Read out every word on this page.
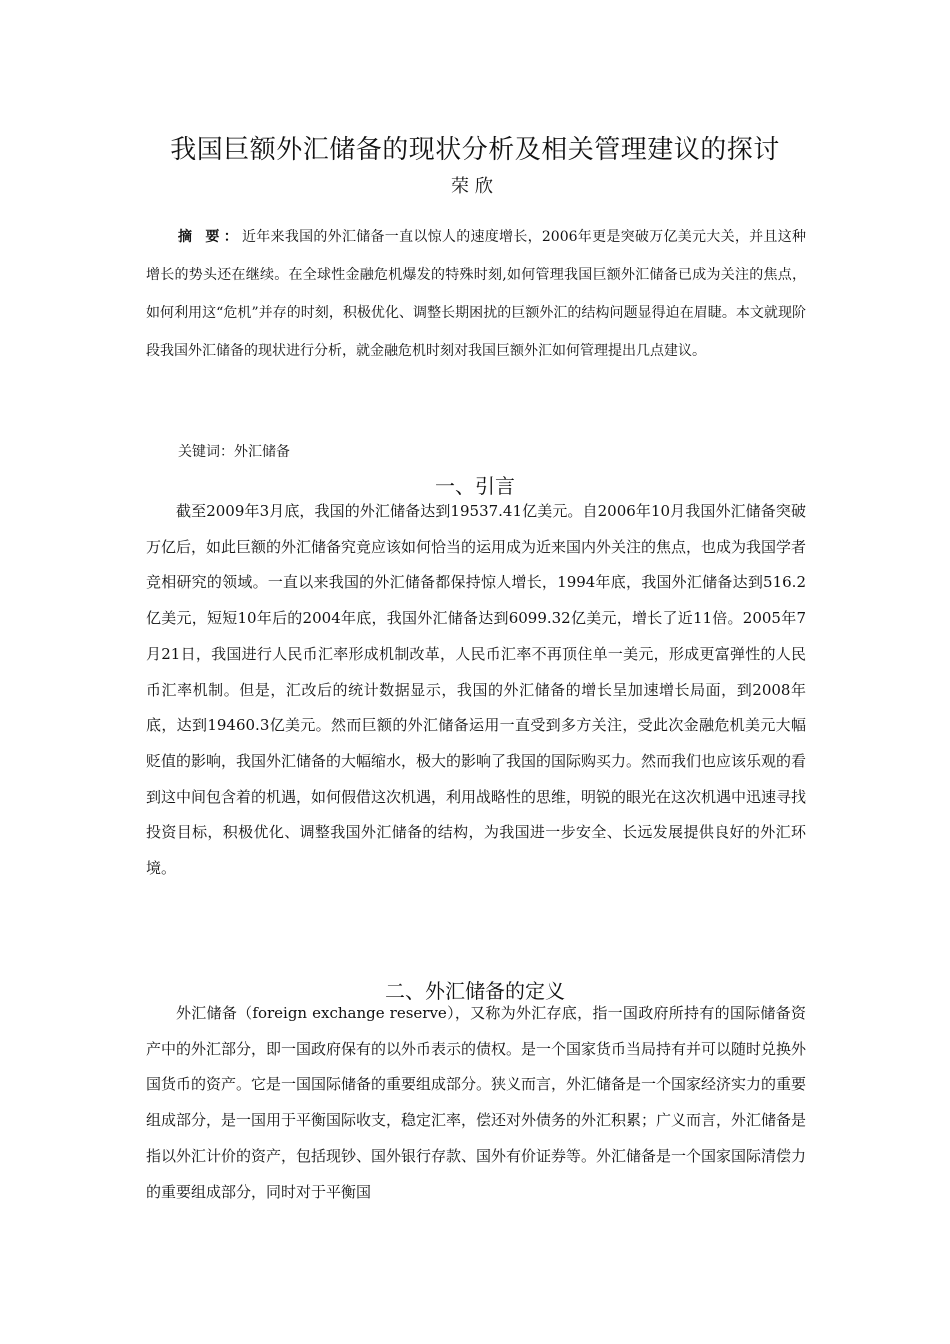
我国巨额外汇储备的现状分析及相关管理建议的探讨
荣欣
摘 要：近年来我国的外汇储备一直以惊人的速度增长，2006年更是突破万亿美元大关，并且这种增长的势头还在继续。在全球性金融危机爆发的特殊时刻,如何管理我国巨额外汇储备已成为关注的焦点，如何利用这“危机”并存的时刻，积极优化、调整长期困扰的巨额外汇的结构问题显得迫在眉睫。本文就现阶段我国外汇储备的现状进行分析，就金融危机时刻对我国巨额外汇如何管理提出几点建议。
关键词：外汇储备
一、引言
截至2009年3月底，我国的外汇储备达到19537.41亿美元。自2006年10月我国外汇储备突破万亿后，如此巨额的外汇储备究竟应该如何恰当的运用成为近来国内外关注的焦点，也成为我国学者竞相研究的领域。一直以来我国的外汇储备都保持惊人增长，1994年底，我国外汇储备达到516.2亿美元，短短10年后的2004年底，我国外汇储备达到6099.32亿美元，增长了近11倍。2005年7月21日，我国进行人民币汇率形成机制改革，人民币汇率不再顶住单一美元，形成更富弹性的人民币汇率机制。但是，汇改后的统计数据显示，我国的外汇储备的增长呈加速增长局面，到2008年底，达到19460.3亿美元。然而巨额的外汇储备运用一直受到多方关注，受此次金融危机美元大幅贬值的影响，我国外汇储备的大幅缩水，极大的影响了我国的国际购买力。然而我们也应该乐观的看到这中间包含着的机遇，如何假借这次机遇，利用战略性的思维，明锐的眼光在这次机遇中迅速寻找投资目标，积极优化、调整我国外汇储备的结构，为我国进一步安全、长远发展提供良好的外汇环境。
二、外汇储备的定义
外汇储备（foreign exchange reserve），又称为外汇存底，指一国政府所持有的国际储备资产中的外汇部分，即一国政府保有的以外币表示的债权。是一个国家货币当局持有并可以随时兑换外国货币的资产。它是一国国际储备的重要组成部分。狭义而言，外汇储备是一个国家经济实力的重要组成部分，是一国用于平衡国际收支，稳定汇率，偿还对外债务的外汇积累；广义而言，外汇储备是指以外汇计价的资产，包括现钞、国外银行存款、国外有价证券等。外汇储备是一个国家国际清偿力的重要组成部分，同时对于平衡国
